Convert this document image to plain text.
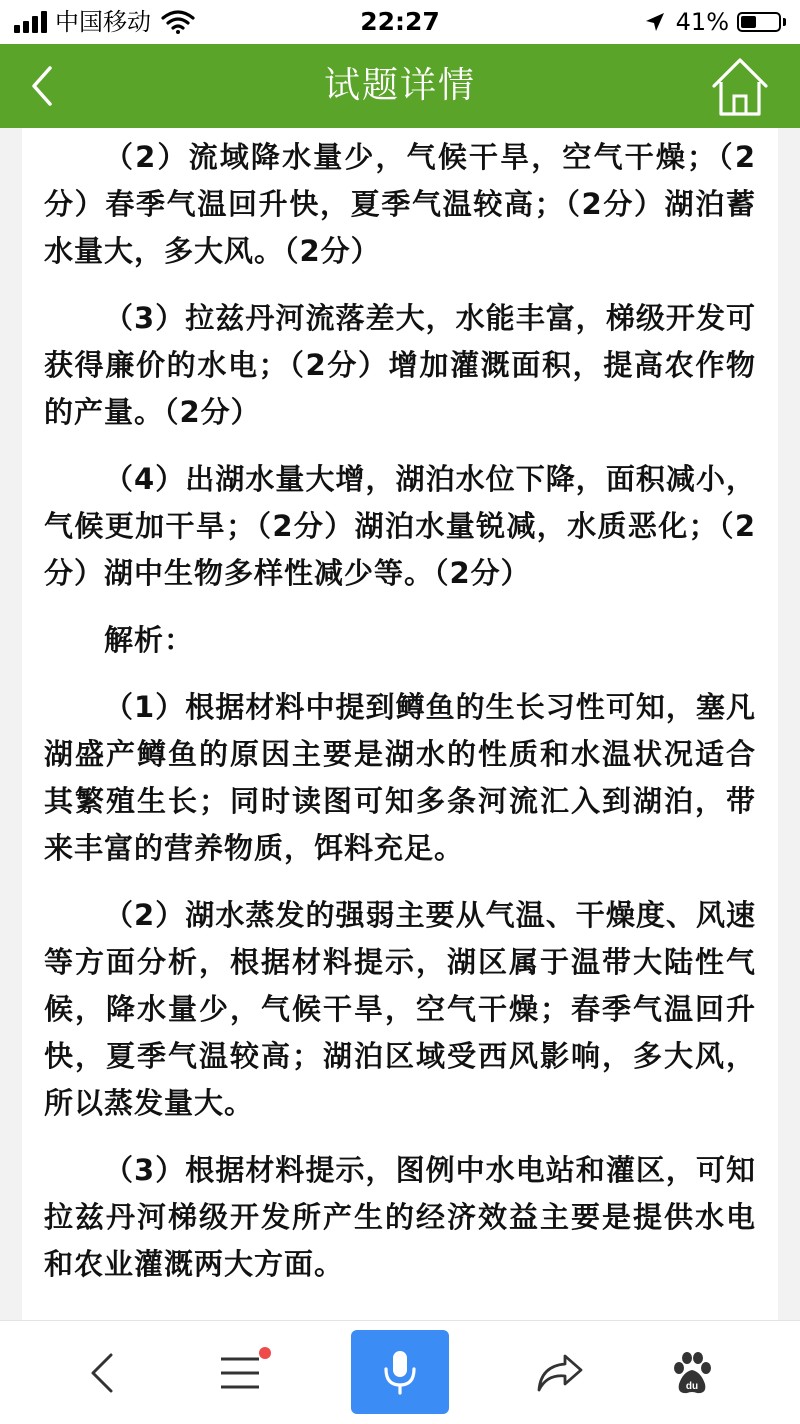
中国移动	22:27	41%
试题详情

（2）流域降水量少，气候干旱，空气干燥；（2分）春季气温回升快，夏季气温较高；（2分）湖泊蓄水量大，多大风。（2分）

（3）拉兹丹河流落差大，水能丰富，梯级开发可获得廉价的水电；（2分）增加灌溉面积，提高农作物的产量。（2分）

（4）出湖水量大增，湖泊水位下降，面积减小，气候更加干旱；（2分）湖泊水量锐减，水质恶化；（2分）湖中生物多样性减少等。（2分）

解析：

（1）根据材料中提到鳟鱼的生长习性可知，塞凡湖盛产鳟鱼的原因主要是湖水的性质和水温状况适合其繁殖生长；同时读图可知多条河流汇入到湖泊，带来丰富的营养物质，饵料充足。

（2）湖水蒸发的强弱主要从气温、干燥度、风速等方面分析，根据材料提示，湖区属于温带大陆性气候，降水量少，气候干旱，空气干燥；春季气温回升快，夏季气温较高；湖泊区域受西风影响，多大风，所以蒸发量大。

（3）根据材料提示，图例中水电站和灌区，可知拉兹丹河梯级开发所产生的经济效益主要是提供水电和农业灌溉两大方面。

du
